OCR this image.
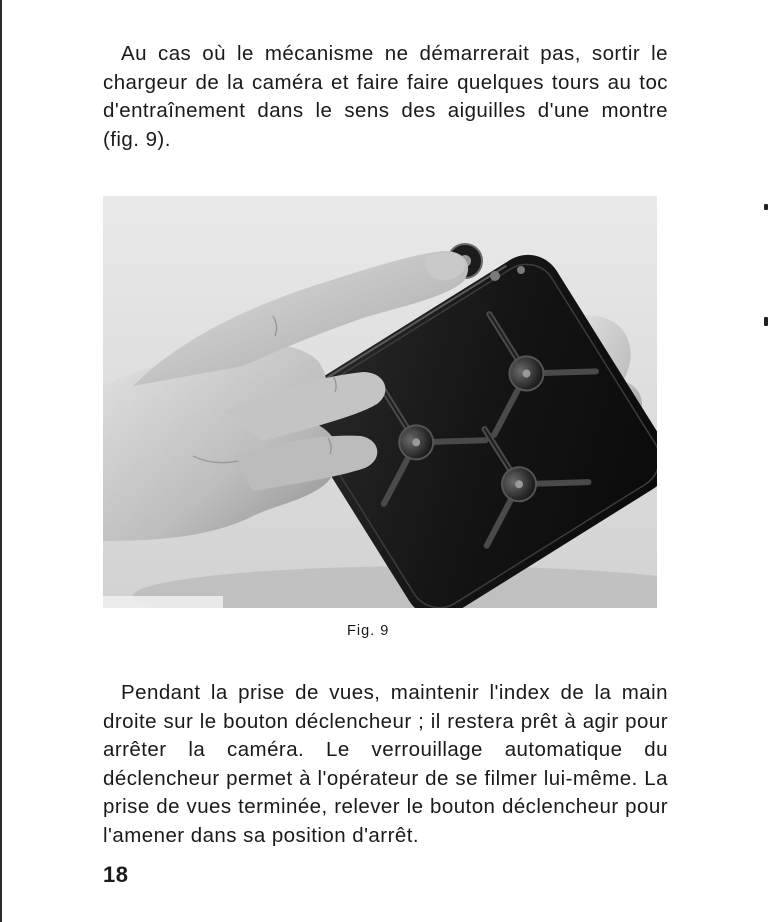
Au cas où le mécanisme ne démarrerait pas, sortir le chargeur de la caméra et faire faire quelques tours au toc d'entraînement dans le sens des aiguilles d'une montre (fig. 9).

Fig. 9

Pendant la prise de vues, maintenir l'index de la main droite sur le bouton déclencheur ; il restera prêt à agir pour arrêter la caméra. Le verrouillage automatique du déclencheur permet à l'opérateur de se filmer lui-même. La prise de vues terminée, relever le bouton déclencheur pour l'amener dans sa position d'arrêt.

18
